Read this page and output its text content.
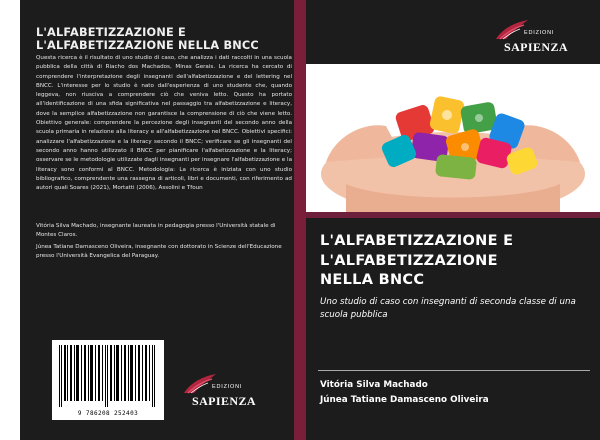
L'ALFABETIZZAZIONE E
L'ALFABETIZZAZIONE NELLA BNCC
Questa ricerca è il risultato di uno studio di caso, che analizza i dati raccolti in una scuola pubblica della città di Riacho dos Machados, Minas Gerais. La ricerca ha cercato di comprendere l'interpretazione degli insegnanti dell'alfabetizzazione e del lettering nel BNCC. L'interesse per lo studio è nato dall'esperienza di uno studente che, quando leggeva, non riusciva a comprendere ciò che veniva letto. Questo ha portato all'identificazione di una sfida significativa nel passaggio tra alfabetizzazione e literacy, dove la semplice alfabetizzazione non garantisce la comprensione di ciò che viene letto. Obiettivo generale: comprendere la percezione degli insegnanti del secondo anno della scuola primaria in relazione alla literacy e all'alfabetizzazione nel BNCC. Obiettivi specifici: analizzare l'alfabetizzazione e la literacy secondo il BNCC; verificare se gli insegnanti del secondo anno hanno utilizzato il BNCC per pianificare l'alfabetizzazione e la literacy; osservare se le metodologie utilizzate dagli insegnanti per insegnare l'alfabetizzazione e la literacy sono conformi al BNCC. Metodologia: La ricerca è iniziata con uno studio bibliografico, comprendente una rassegna di articoli, libri e documenti, con riferimento ad autori quali Soares (2021), Mortatti (2006), Assolini e Tfoun

Vitória Silva Machado, insegnante laureata in pedagogia presso l'Università statale di Montes Claros.

Júnea Tatiane Damasceno Oliveira, insegnante con dottorato in Scienze dell'Educazione presso l'Università Evangelica del Paraguay.

9 786208 252403
EDIZIONI
SAPIENZA
EDIZIONI
SAPIENZA
L'ALFABETIZZAZIONE E
L'ALFABETIZZAZIONE
NELLA BNCC
Uno studio di caso con insegnanti di seconda classe di una scuola pubblica
Vitória Silva Machado
Júnea Tatiane Damasceno Oliveira
